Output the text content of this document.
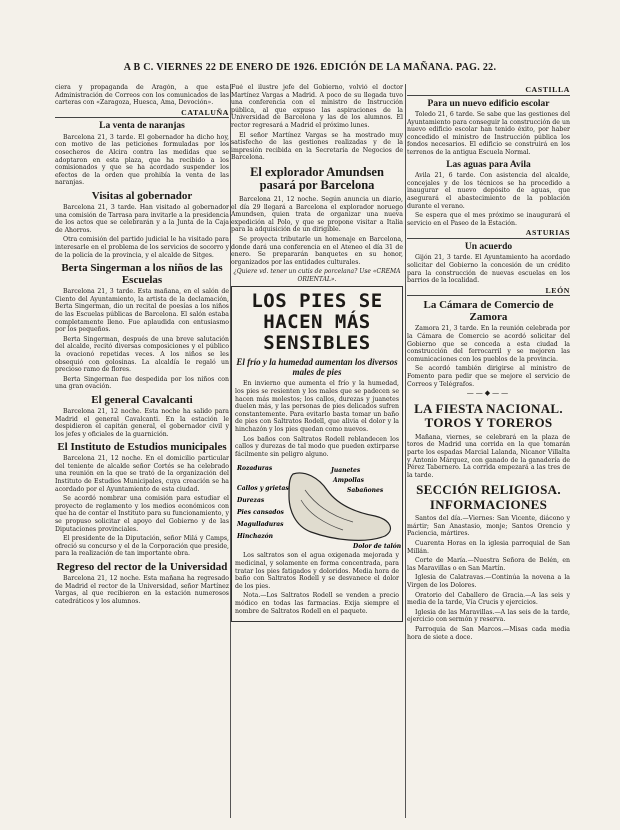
A B C. VIERNES 22 DE ENERO DE 1926. EDICIÓN DE LA MAÑANA. PAG. 22.

ciera y propaganda de Aragón, a que esta Administración de Correos con los comunicados de las carteras con «Zaragoza, Huesca, Ama, Devoción».

CATALUÑA
La venta de naranjas

Barcelona 21, 3 tarde. El gobernador ha dicho hoy, con motivo de las peticiones formuladas por los cosecheros de Alcira contra las medidas que se adoptaron en esta plaza, que ha recibido a los comisionados y que se ha acordado suspender los efectos de la orden que prohibía la venta de las naranjas.

Visitas al gobernador

Barcelona 21, 3 tarde. Han visitado al gobernador una comisión de Tarrasa para invitarle a la presidencia de los actos que se celebrarán y a la Junta de la Caja de Ahorros.

Otra comisión del partido judicial le ha visitado para interesarle en el problema de los servicios de socorro y de la policía de la provincia, y el alcalde de Sitges.

Berta Singerman a los niños de las Escuelas

Barcelona 21, 3 tarde. Esta mañana, en el salón de Ciento del Ayuntamiento, la artista de la declamación, Berta Singerman, dio un recital de poesías a los niños de las Escuelas públicas de Barcelona. El salón estaba completamente lleno. Fue aplaudida con entusiasmo por los pequeños.

Berta Singerman, después de una breve salutación del alcalde, recitó diversas composiciones y el público la ovacionó repetidas veces. A los niños se les obsequió con golosinas. La alcaldía le regaló un precioso ramo de flores.

Berta Singerman fue despedida por los niños con una gran ovación.

El general Cavalcanti

Barcelona 21, 12 noche. Esta noche ha salido para Madrid el general Cavalcanti. En la estación le despidieron el capitán general, el gobernador civil y los jefes y oficiales de la guarnición.

El Instituto de Estudios municipales

Barcelona 21, 12 noche. En el domicilio particular del teniente de alcalde señor Cortés se ha celebrado una reunión en la que se trató de la organización del Instituto de Estudios Municipales, cuya creación se ha acordado por el Ayuntamiento de esta ciudad.

Se acordó nombrar una comisión para estudiar el proyecto de reglamento y los medios económicos con que ha de contar el Instituto para su funcionamiento, y se propuso solicitar el apoyo del Gobierno y de las Diputaciones provinciales.

El presidente de la Diputación, señor Milá y Camps, ofreció su concurso y el de la Corporación que preside, para la realización de tan importante obra.

Regreso del rector de la Universidad

Barcelona 21, 12 noche. Esta mañana ha regresado de Madrid el rector de la Universidad, señor Martínez Vargas, al que recibieron en la estación numerosos catedráticos y los alumnos.

Fué el ilustre jefe del Gobierno, volvió el doctor Martínez Vargas a Madrid. A poco de su llegada tuvo una conferencia con el ministro de Instrucción pública, al que expuso las aspiraciones de la Universidad de Barcelona y las de los alumnos. El rector regresará a Madrid el próximo lunes.

El señor Martínez Vargas se ha mostrado muy satisfecho de las gestiones realizadas y de la impresión recibida en la Secretaría de Negocios de Barcelona.

El explorador Amundsen pasará por Barcelona

Barcelona 21, 12 noche. Según anuncia un diario, el día 29 llegará a Barcelona el explorador noruego Amundsen, quien trata de organizar una nueva expedición al Polo, y que se propone visitar a Italia para la adquisición de un dirigible.

Se proyecta tributarle un homenaje en Barcelona, donde dará una conferencia en el Ateneo el día 31 de enero. Se prepararán banquetes en su honor, organizados por las entidades culturales.

¿Quiere vd. tener un cutis de porcelana? Use «CREMA ORIENTAL».
LOS PIES SE HACEN MÁS SENSIBLES
El frío y la humedad aumentan los diversos males de pies

En invierno que aumenta el frío y la humedad, los pies se resienten y los males que se padecen se hacen más molestos; los callos, durezas y juanetes duelen más, y las personas de pies delicados sufren constantemente. Para evitarlo basta tomar un baño de pies con Saltratos Rodell, que alivia el dolor y la hinchazón y los pies quedan como nuevos.

Los baños con Saltratos Rodell reblandecen los callos y durezas de tal modo que pueden extirparse fácilmente sin peligro alguno.

Rozaduras	Juanetes
Ampollas
Sabañones
Callos y grietas
Durezas
Pies cansados
Magulladuras
Hinchazón
Dolor de talón

Los saltratos son el agua oxigenada mejorada y medicinal, y solamente en forma concentrada, para tratar los pies fatigados y doloridos. Media hora de baño con Saltratos Rodell y se desvanece el dolor de los pies.

Nota.—Los Saltratos Rodell se venden a precio módico en todas las farmacias. Exija siempre el nombre de Saltratos Rodell en el paquete.

CASTILLA
Para un nuevo edificio escolar

Toledo 21, 6 tarde. Se sabe que las gestiones del Ayuntamiento para conseguir la construcción de un nuevo edificio escolar han tenido éxito, por haber concedido el ministro de Instrucción pública los fondos necesarios. El edificio se construirá en los terrenos de la antigua Escuela Normal.

Las aguas para Avila

Avila 21, 6 tarde. Con asistencia del alcalde, concejales y de los técnicos se ha procedido a inaugurar el nuevo depósito de aguas, que asegurará el abastecimiento de la población durante el verano.

Se espera que el mes próximo se inaugurará el servicio en el Paseo de la Estación.

ASTURIAS
Un acuerdo

Gijón 21, 3 tarde. El Ayuntamiento ha acordado solicitar del Gobierno la concesión de un crédito para la construcción de nuevas escuelas en los barrios de la localidad.

LEÓN
La Cámara de Comercio de Zamora

Zamora 21, 3 tarde. En la reunión celebrada por la Cámara de Comercio se acordó solicitar del Gobierno que se conceda a esta ciudad la construcción del ferrocarril y se mejoren las comunicaciones con los pueblos de la provincia.

Se acordó también dirigirse al ministro de Fomento para pedir que se mejore el servicio de Correos y Telégrafos.

——◆——
LA FIESTA NACIONAL. TOROS Y TOREROS

Mañana, viernes, se celebrará en la plaza de toros de Madrid una corrida en la que tomarán parte los espadas Marcial Lalanda, Nicanor Villalta y Antonio Márquez, con ganado de la ganadería de Pérez Tabernero. La corrida empezará a las tres de la tarde.

SECCIÓN RELIGIOSA. INFORMACIONES

Santos del día.—Viernes: San Vicente, diácono y mártir; San Anastasio, monje; Santos Orencio y Paciencia, mártires.

Cuarenta Horas en la iglesia parroquial de San Millán.

Corte de María.—Nuestra Señora de Belén, en las Maravillas o en San Martín.

Iglesia de Calatravas.—Continúa la novena a la Virgen de los Dolores.

Oratorio del Caballero de Gracia.—A las seis y media de la tarde, Vía Crucis y ejercicios.

Iglesia de las Maravillas.—A las seis de la tarde, ejercicio con sermón y reserva.

Parroquia de San Marcos.—Misas cada media hora de siete a doce.
